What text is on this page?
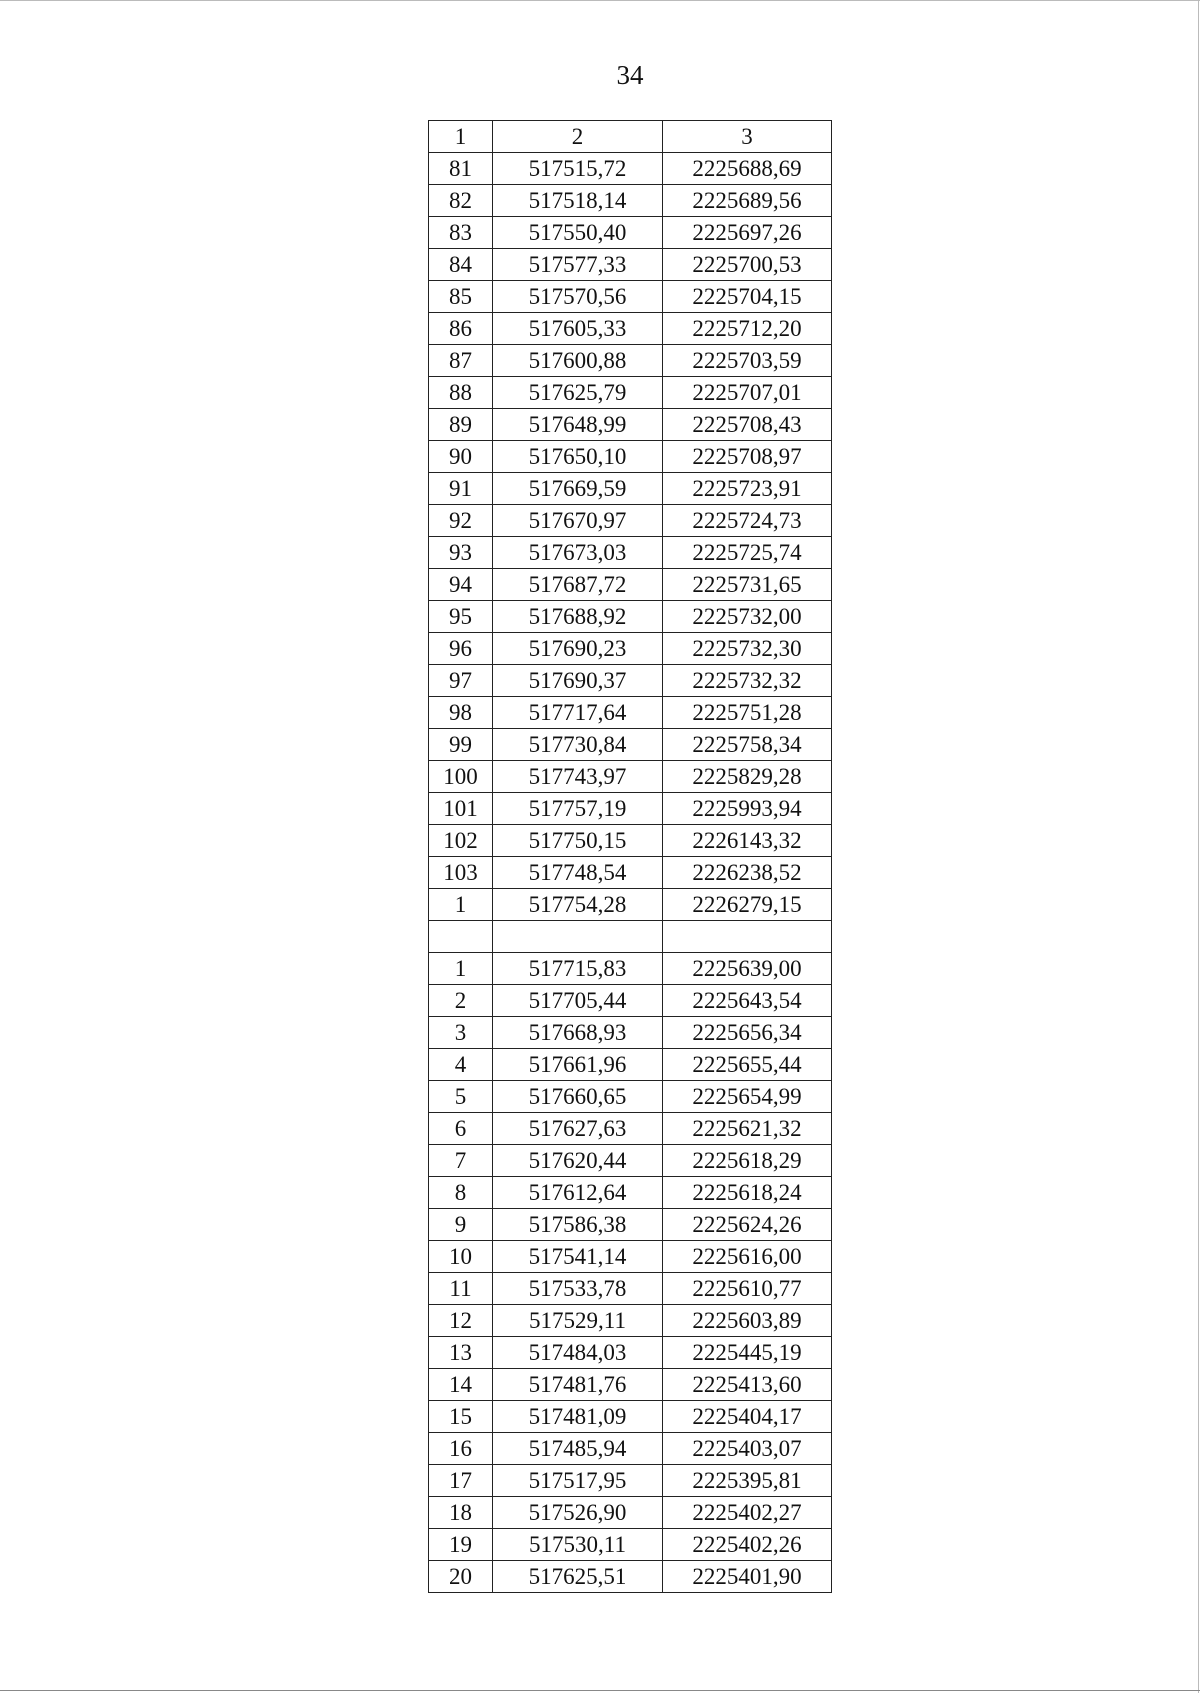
34
1	2	3
81	517515,72	2225688,69
82	517518,14	2225689,56
83	517550,40	2225697,26
84	517577,33	2225700,53
85	517570,56	2225704,15
86	517605,33	2225712,20
87	517600,88	2225703,59
88	517625,79	2225707,01
89	517648,99	2225708,43
90	517650,10	2225708,97
91	517669,59	2225723,91
92	517670,97	2225724,73
93	517673,03	2225725,74
94	517687,72	2225731,65
95	517688,92	2225732,00
96	517690,23	2225732,30
97	517690,37	2225732,32
98	517717,64	2225751,28
99	517730,84	2225758,34
100	517743,97	2225829,28
101	517757,19	2225993,94
102	517750,15	2226143,32
103	517748,54	2226238,52
1	517754,28	2226279,15

1	517715,83	2225639,00
2	517705,44	2225643,54
3	517668,93	2225656,34
4	517661,96	2225655,44
5	517660,65	2225654,99
6	517627,63	2225621,32
7	517620,44	2225618,29
8	517612,64	2225618,24
9	517586,38	2225624,26
10	517541,14	2225616,00
11	517533,78	2225610,77
12	517529,11	2225603,89
13	517484,03	2225445,19
14	517481,76	2225413,60
15	517481,09	2225404,17
16	517485,94	2225403,07
17	517517,95	2225395,81
18	517526,90	2225402,27
19	517530,11	2225402,26
20	517625,51	2225401,90
